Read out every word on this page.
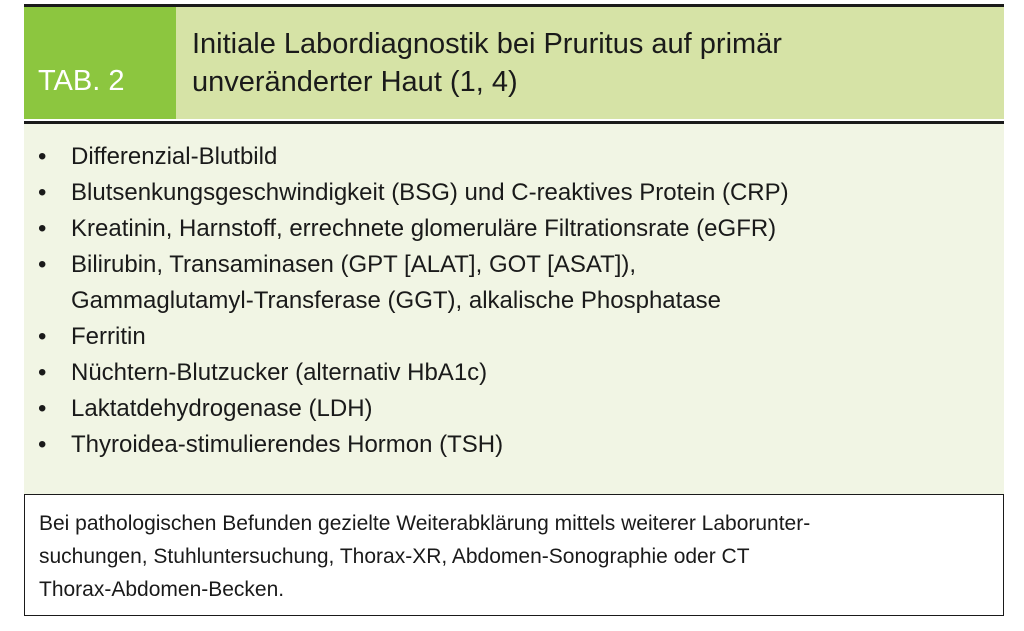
TAB. 2
Initiale Labordiagnostik bei Pruritus auf primär
unveränderter Haut (1, 4)
• Differenzial-Blutbild
• Blutsenkungsgeschwindigkeit (BSG) und C-reaktives Protein (CRP)
• Kreatinin, Harnstoff, errechnete glomeruläre Filtrationsrate (eGFR)
• Bilirubin, Transaminasen (GPT [ALAT], GOT [ASAT]),
Gammaglutamyl-Transferase (GGT), alkalische Phosphatase
• Ferritin
• Nüchtern-Blutzucker (alternativ HbA1c)
• Laktatdehydrogenase (LDH)
• Thyroidea-stimulierendes Hormon (TSH)
Bei pathologischen Befunden gezielte Weiterabklärung mittels weiterer Laborunter-
suchungen, Stuhluntersuchung, Thorax-XR, Abdomen-Sonographie oder CT
Thorax-Abdomen-Becken.
